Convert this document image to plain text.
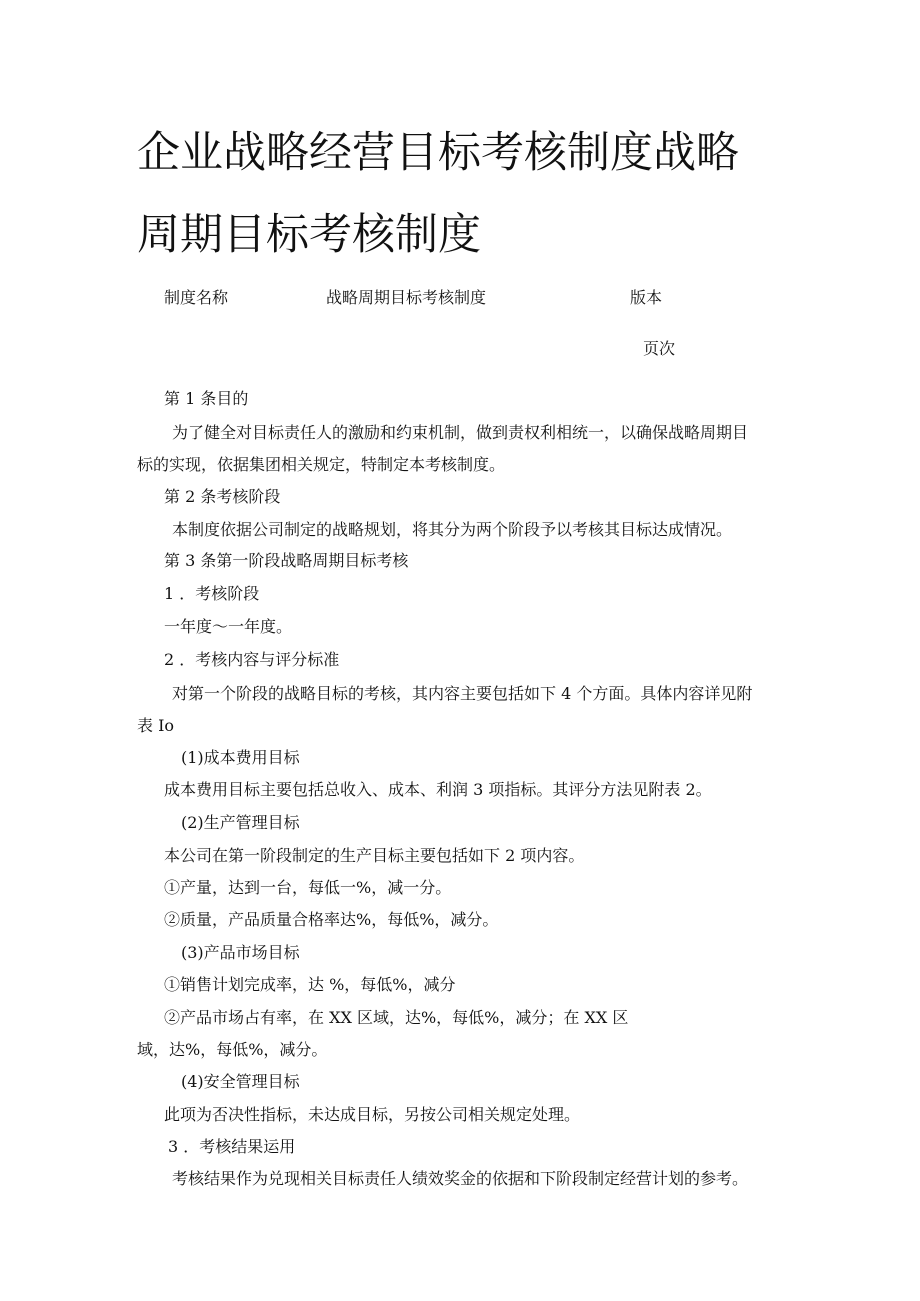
企业战略经营目标考核制度战略
周期目标考核制度
制度名称	战略周期目标考核制度	版本
页次
第 1 条目的
为了健全对目标责任人的激励和约束机制，做到责权利相统一，以确保战略周期目
标的实现，依据集团相关规定，特制定本考核制度。
第 2 条考核阶段
本制度依据公司制定的战略规划，将其分为两个阶段予以考核其目标达成情况。
第 3 条第一阶段战略周期目标考核
1 ．考核阶段
一年度～一年度。
2 ．考核内容与评分标准
对第一个阶段的战略目标的考核，其内容主要包括如下 4 个方面。具体内容详见附
表 Io
(1)成本费用目标
成本费用目标主要包括总收入、成本、利润 3 项指标。其评分方法见附表 2。
(2)生产管理目标
本公司在第一阶段制定的生产目标主要包括如下 2 项内容。
①产量，达到一台，每低一%，减一分。
②质量，产品质量合格率达%，每低%，减分。
(3)产品市场目标
①销售计划完成率，达 %，每低%，减分
②产品市场占有率，在 XX 区域，达%，每低%，减分；在 XX 区
域，达%，每低%，减分。
(4)安全管理目标
此项为否决性指标，未达成目标，另按公司相关规定处理。
3 ．考核结果运用
考核结果作为兑现相关目标责任人绩效奖金的依据和下阶段制定经营计划的参考。
